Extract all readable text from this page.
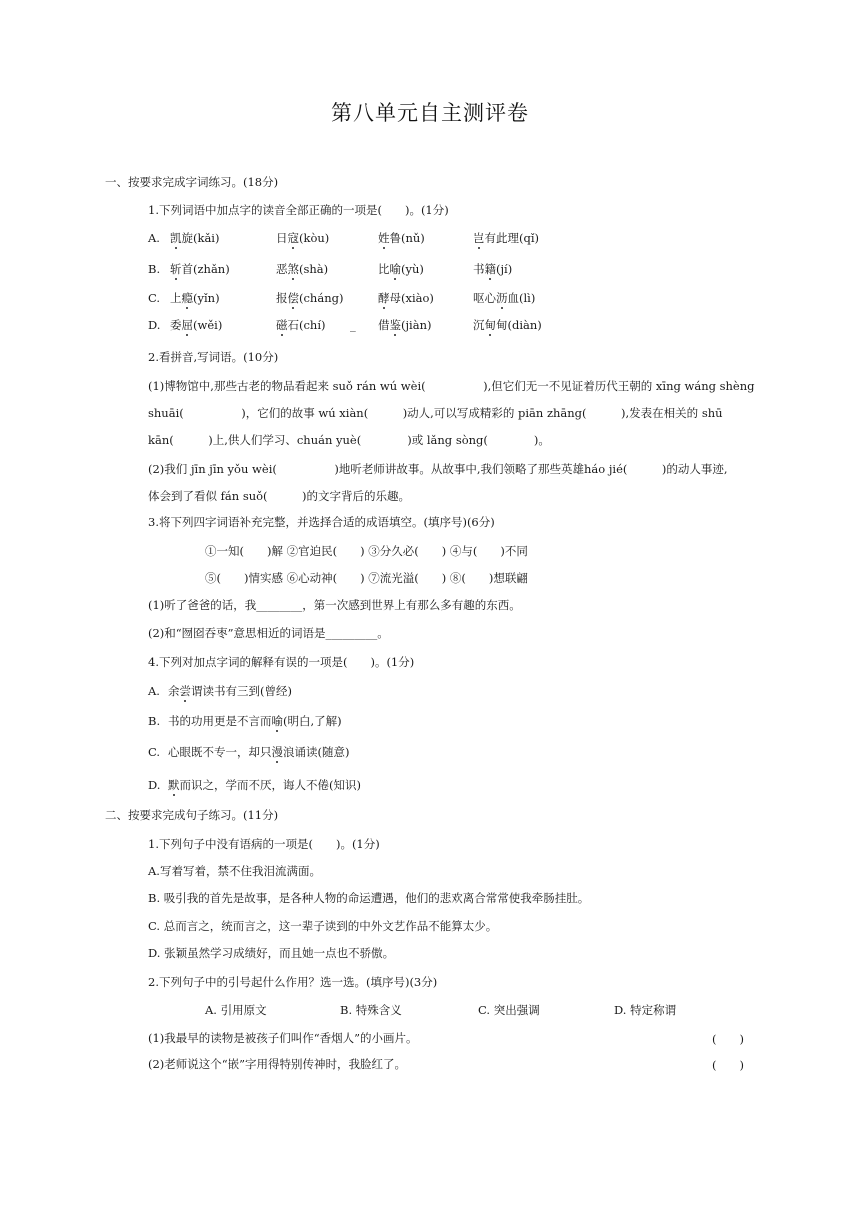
第八单元自主测评卷
一、按要求完成字词练习。(18分)
1.下列词语中加点字的读音全部正确的一项是(　　)。(1分)
A. 凯旋(kǎi)	日寇(kòu)	姓鲁(nǔ)	岂有此理(qǐ)
B. 斩首(zhǎn)	恶煞(shà)	比喻(yù)	书籍(jí)
C. 上瘾(yǐn)	报偿(cháng)	酵母(xiào)	呕心沥血(lì)
D. 委屈(wěi)	磁石(chí)	借鉴(jiàn)	沉甸甸(diàn)
_
2.看拼音,写词语。(10分)
(1)博物馆中,那些古老的物品看起来 suǒ rán wú wèi(　　　　　),但它们无一不见证着历代王朝的 xīng wáng shèng
shuāi(　　　　　)，它们的故事 wú xiàn(　　　)动人,可以写成精彩的 piān zhāng(　　　),发表在相关的 shū
kān(　　　)上,供人们学习、chuán yuè(　　　　)或 lǎng sòng(　　　　)。
(2)我们 jīn jīn yǒu wèi(　　　　　)地听老师讲故事。从故事中,我们领略了那些英雄háo jié(　　　)的动人事迹,
体会到了看似 fán suǒ(　　　)的文字背后的乐趣。
3.将下列四字词语补充完整，并选择合适的成语填空。(填序号)(6分)
①一知(　　)解 ②官迫民(　　) ③分久必(　　) ④与(　　)不同
⑤(　　)情实感 ⑥心动神(　　) ⑦流光溢(　　) ⑧(　　)想联翩
(1)听了爸爸的话，我________，第一次感到世界上有那么多有趣的东西。
(2)和“囫囵吞枣”意思相近的词语是_________。
4.下列对加点字词的解释有误的一项是(　　)。(1分)
A. 余尝谓读书有三到(曾经)
B. 书的功用更是不言而喻(明白,了解)
C. 心眼既不专一，却只漫浪诵读(随意)
D. 默而识之，学而不厌，诲人不倦(知识)
二、按要求完成句子练习。(11分)
1.下列句子中没有语病的一项是(　　)。(1分)
A.写着写着，禁不住我泪流满面。
B. 吸引我的首先是故事，是各种人物的命运遭遇，他们的悲欢离合常常使我牵肠挂肚。
C. 总而言之，统而言之，这一辈子读到的中外文艺作品不能算太少。
D. 张颖虽然学习成绩好，而且她一点也不骄傲。
2.下列句子中的引号起什么作用？选一选。(填序号)(3分)
A. 引用原文	B. 特殊含义	C. 突出强调	D. 特定称谓
(1)我最早的读物是被孩子们叫作“香烟人”的小画片。	(　　)
(2)老师说这个“嵌”字用得特别传神时，我脸红了。	(　　)
